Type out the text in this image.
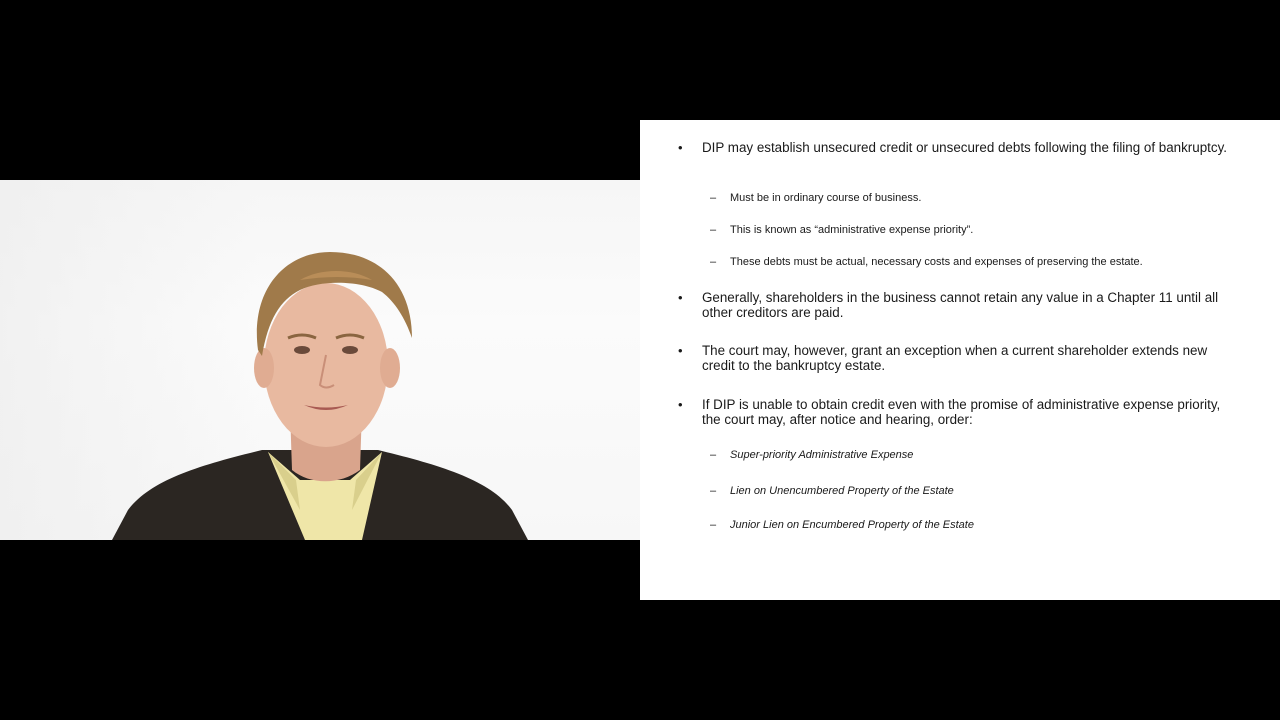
•	DIP may establish unsecured credit or unsecured debts following the filing of bankruptcy.
– Must be in ordinary course of business.
– This is known as “administrative expense priority”.
– These debts must be actual, necessary costs and expenses of preserving the estate.
•	Generally, shareholders in the business cannot retain any value in a Chapter 11 until all other creditors are paid.
•	The court may, however, grant an exception when a current shareholder extends new credit to the bankruptcy estate.
•	If DIP is unable to obtain credit even with the promise of administrative expense priority, the court may, after notice and hearing, order:
– Super-priority Administrative Expense
– Lien on Unencumbered Property of the Estate
– Junior Lien on Encumbered Property of the Estate
